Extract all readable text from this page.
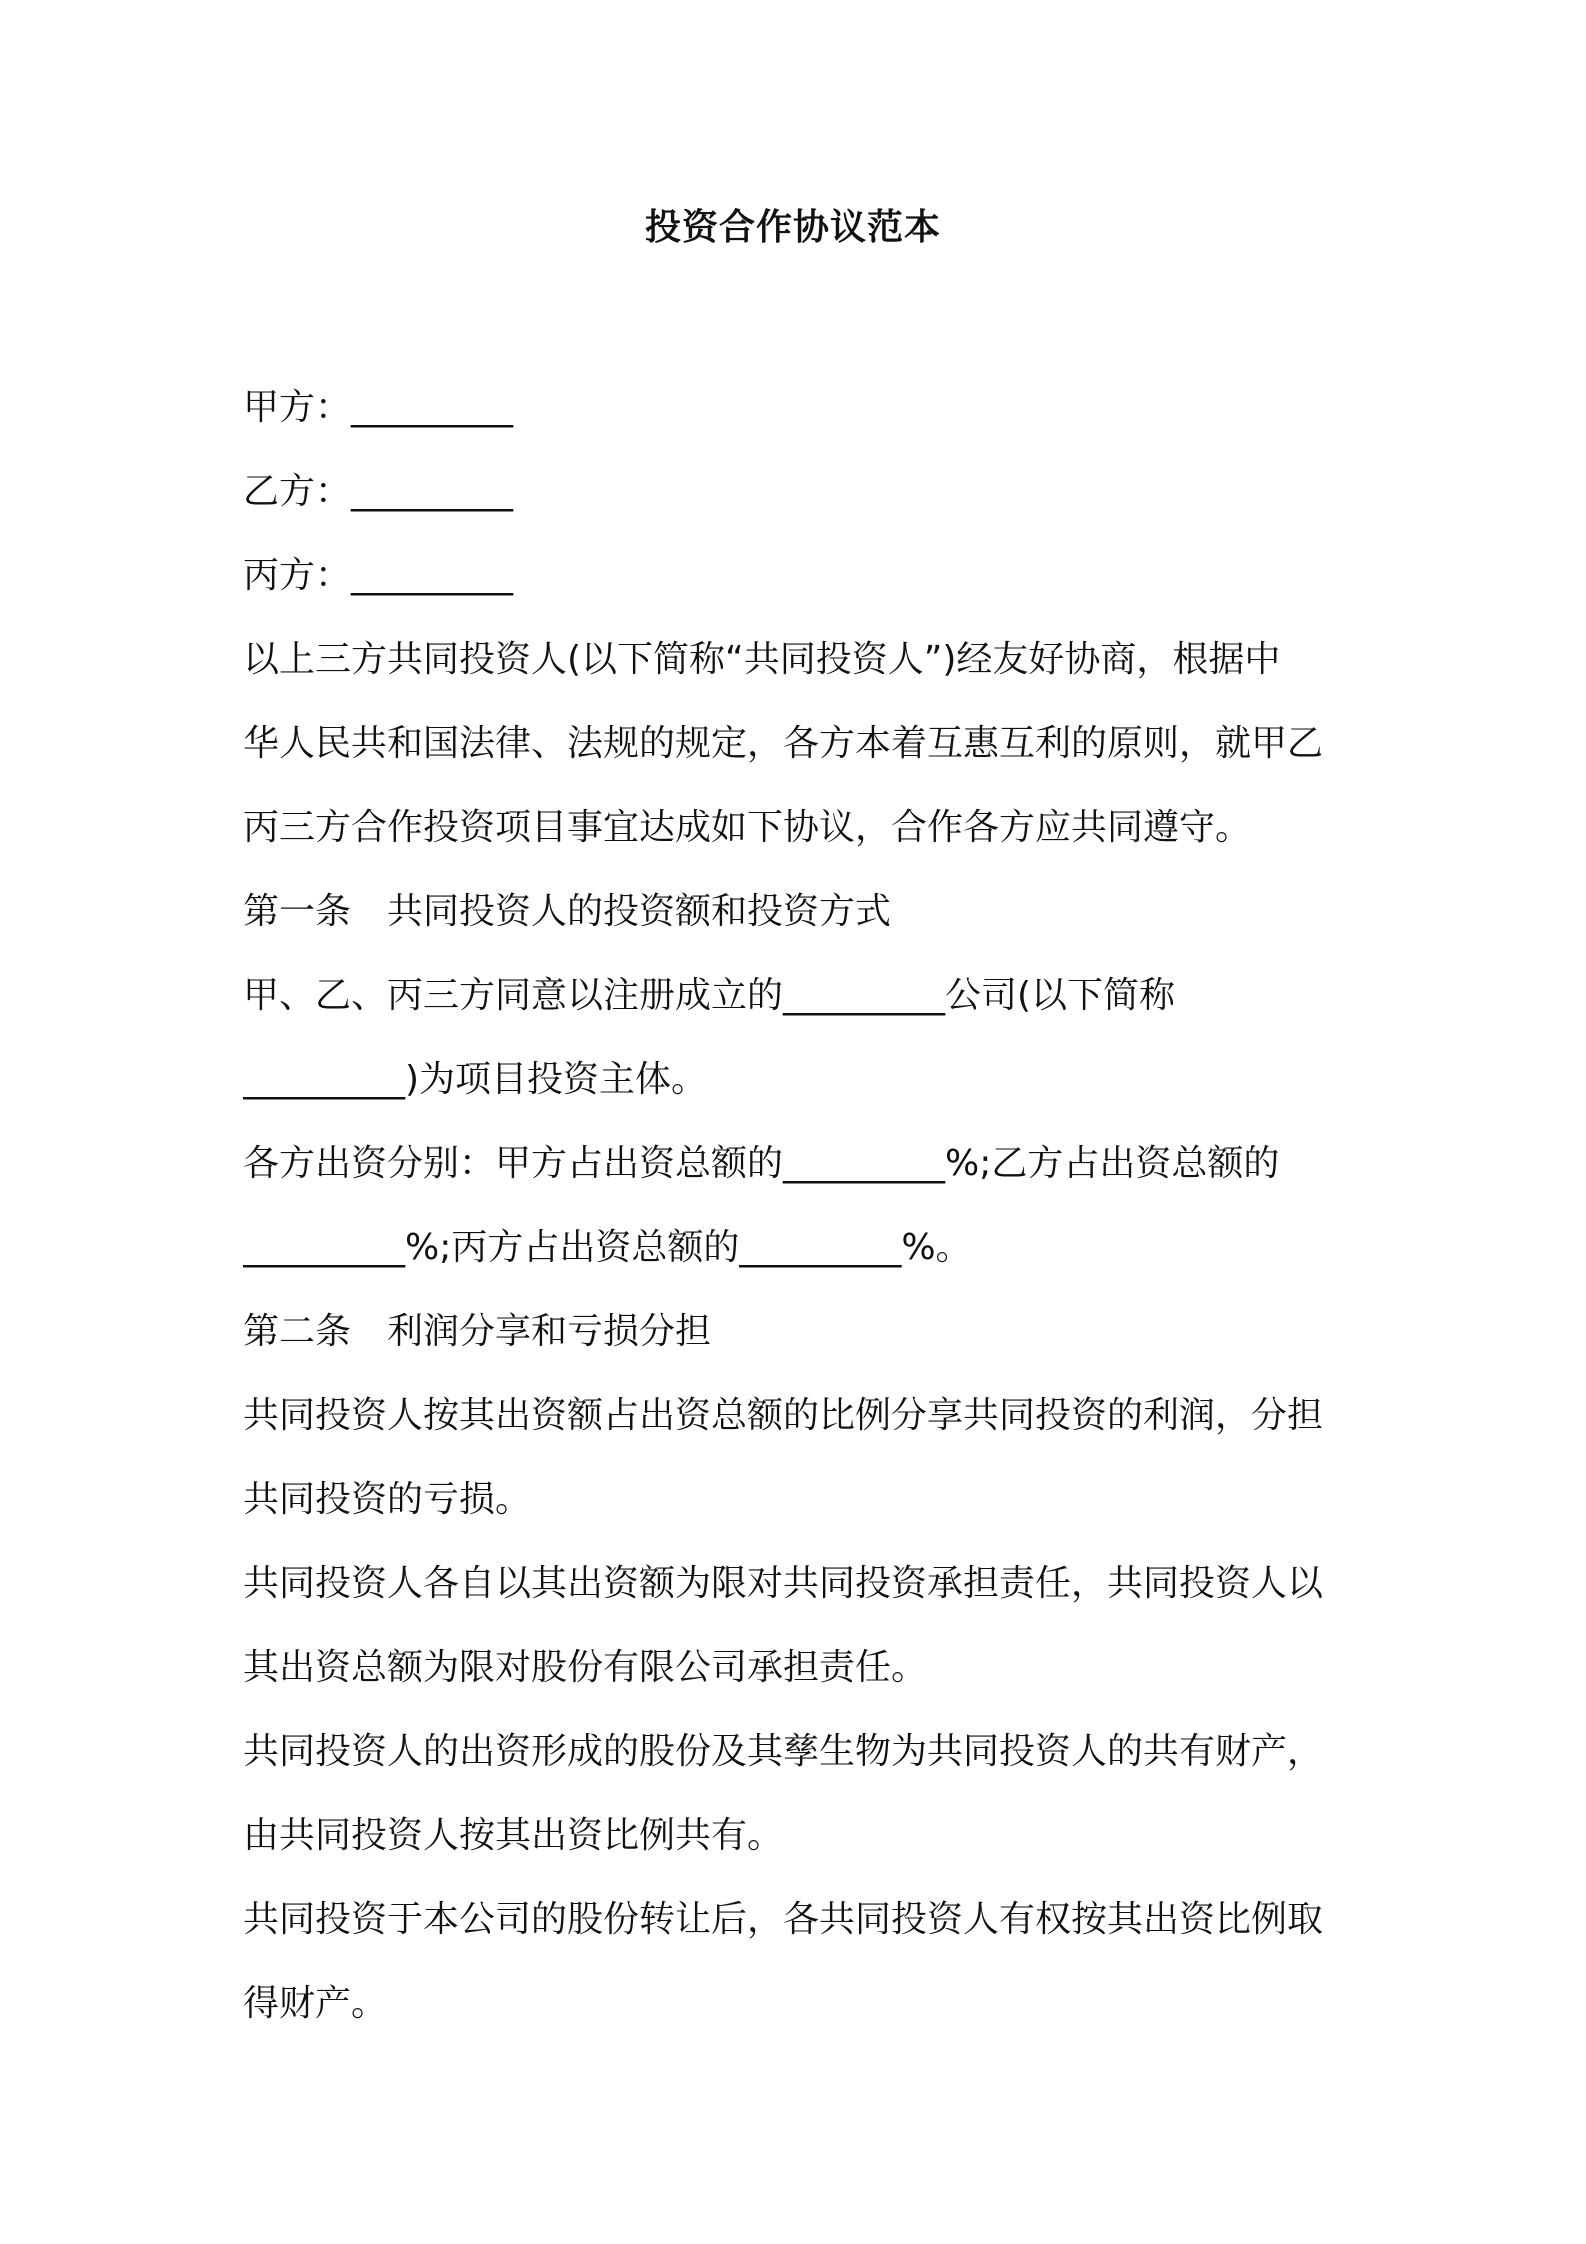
投资合作协议范本
甲方：_________
乙方：_________
丙方：_________
以上三方共同投资人(以下简称“共同投资人”)经友好协商，根据中
华人民共和国法律、法规的规定，各方本着互惠互利的原则，就甲乙
丙三方合作投资项目事宜达成如下协议，合作各方应共同遵守。
第一条　共同投资人的投资额和投资方式
甲、乙、丙三方同意以注册成立的_________公司(以下简称
_________)为项目投资主体。
各方出资分别：甲方占出资总额的_________%;乙方占出资总额的
_________%;丙方占出资总额的_________%。
第二条　利润分享和亏损分担
共同投资人按其出资额占出资总额的比例分享共同投资的利润，分担
共同投资的亏损。
共同投资人各自以其出资额为限对共同投资承担责任，共同投资人以
其出资总额为限对股份有限公司承担责任。
共同投资人的出资形成的股份及其孳生物为共同投资人的共有财产，
由共同投资人按其出资比例共有。
共同投资于本公司的股份转让后，各共同投资人有权按其出资比例取
得财产。
